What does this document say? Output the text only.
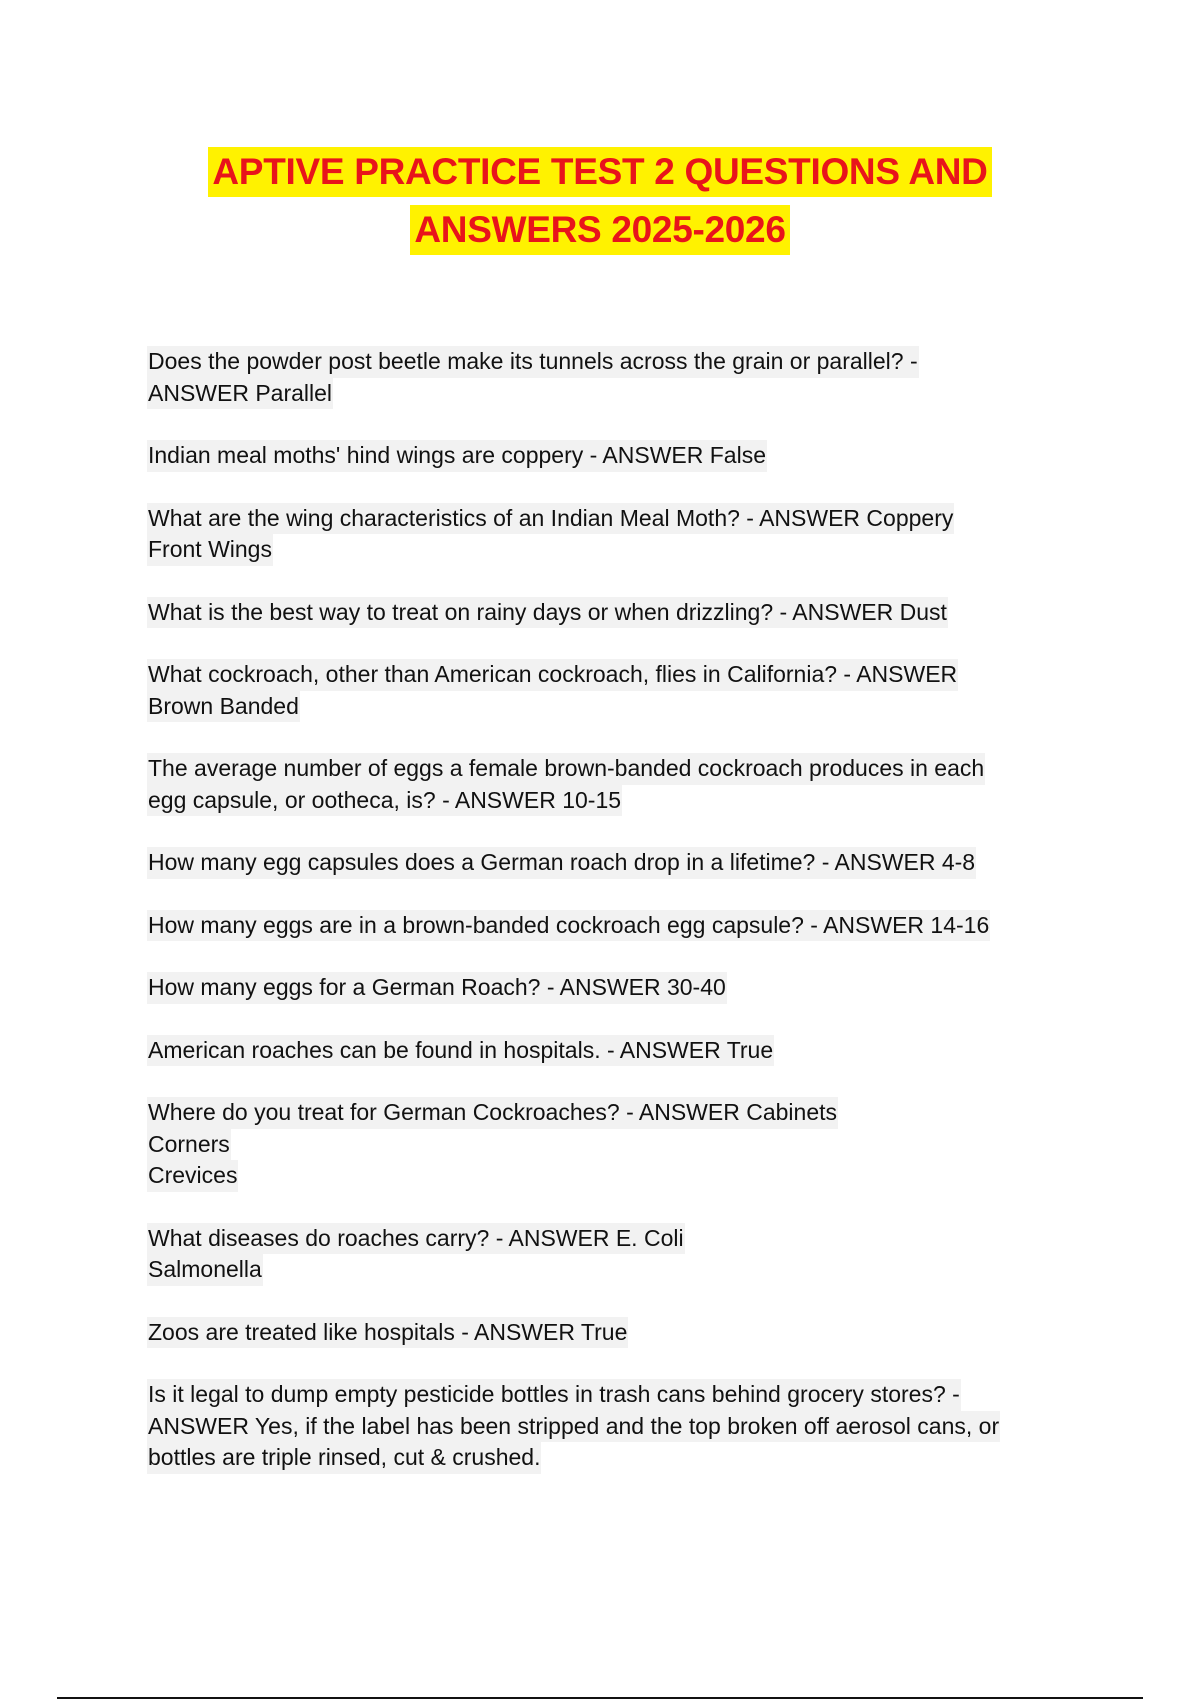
APTIVE PRACTICE TEST 2 QUESTIONS AND
ANSWERS 2025-2026
Does the powder post beetle make its tunnels across the grain or parallel? -
ANSWER Parallel
Indian meal moths' hind wings are coppery - ANSWER False
What are the wing characteristics of an Indian Meal Moth? - ANSWER Coppery
Front Wings
What is the best way to treat on rainy days or when drizzling? - ANSWER Dust
What cockroach, other than American cockroach, flies in California? - ANSWER
Brown Banded
The average number of eggs a female brown-banded cockroach produces in each
egg capsule, or ootheca, is? - ANSWER 10-15
How many egg capsules does a German roach drop in a lifetime? - ANSWER 4-8
How many eggs are in a brown-banded cockroach egg capsule? - ANSWER 14-16
How many eggs for a German Roach? - ANSWER 30-40
American roaches can be found in hospitals. - ANSWER True
Where do you treat for German Cockroaches? - ANSWER Cabinets
Corners
Crevices
What diseases do roaches carry? - ANSWER E. Coli
Salmonella
Zoos are treated like hospitals - ANSWER True
Is it legal to dump empty pesticide bottles in trash cans behind grocery stores? -
ANSWER Yes, if the label has been stripped and the top broken off aerosol cans, or
bottles are triple rinsed, cut & crushed.
